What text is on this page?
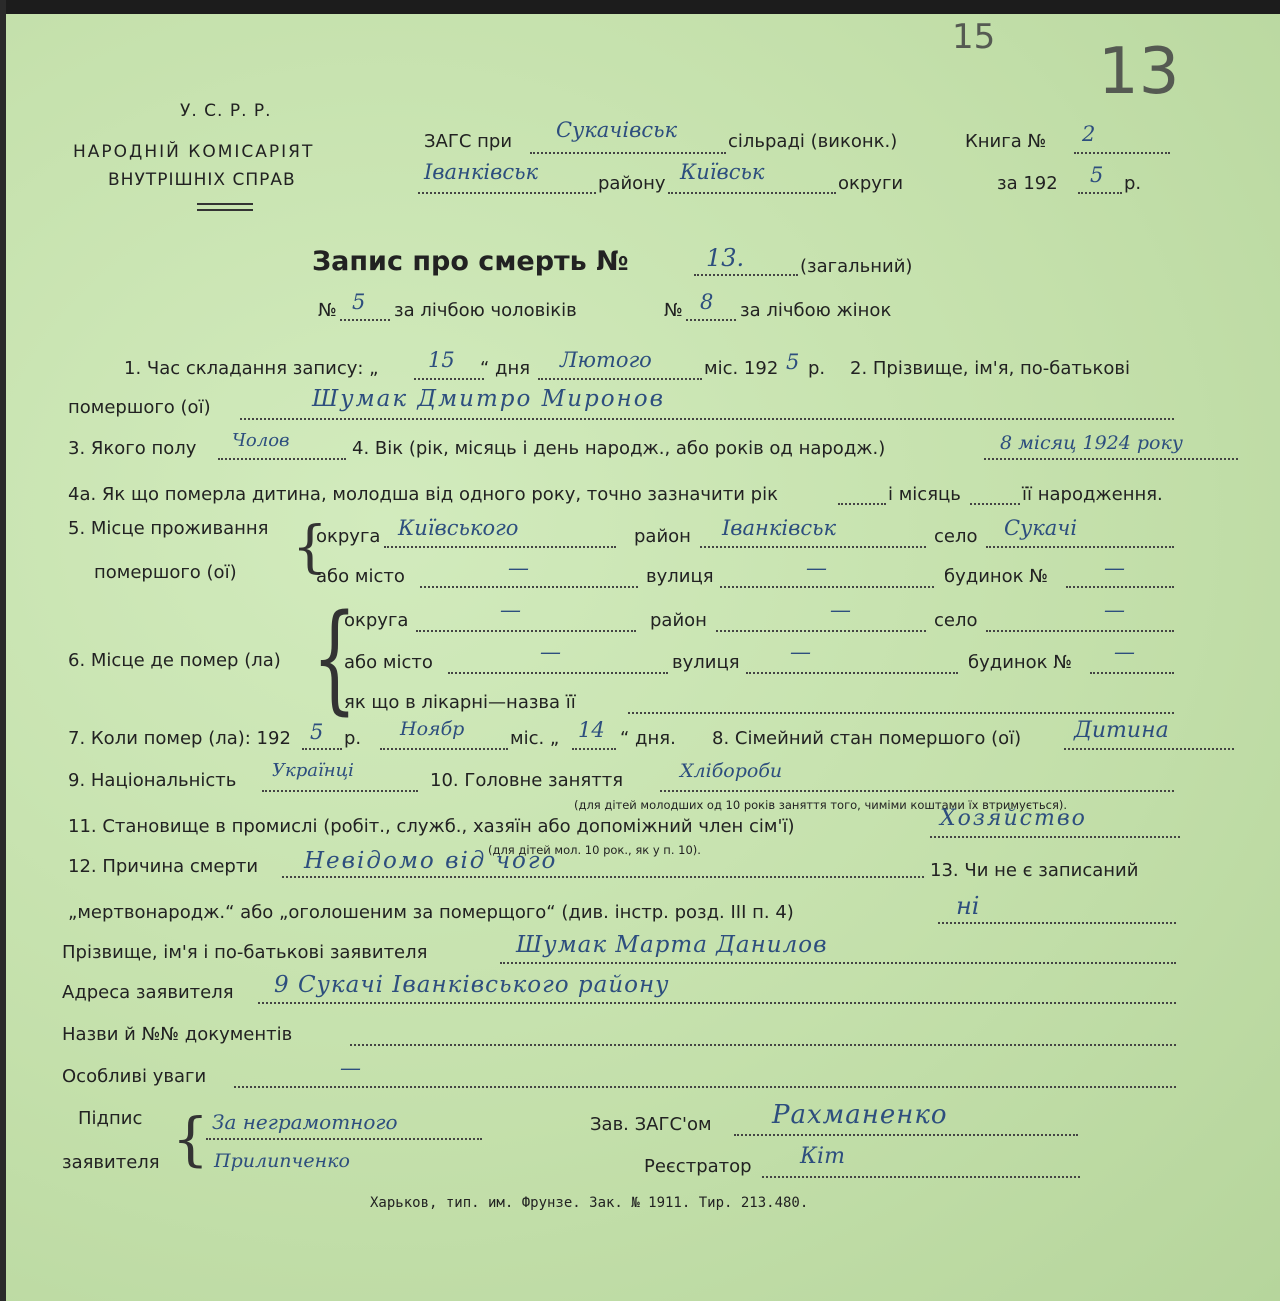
15 13
У. С. Р. Р.
НАРОДНІЙ КОМІСАРІЯТ
ВНУТРІШНІХ СПРАВ
ЗАГС при Сукачівськ	сільраді (виконк.)	Книга № 2
Іванківськ	району Київськ	округи	за 192 5 р.
Запис про смерть №	13.	(загальний)
№ 5 за лічбою чоловіків	№ 8 за лічбою жінок
1. Час складання запису: „ 15 “ дня Лютого	міс. 192 5 р. 2. Прізвище, ім'я, по-батькові
помершого (ої)	Шумак Дмитро Миронов
3. Якого полу Чолов	4. Вік (рік, місяць і день народж., або років од народж.)	8 місяц 1924 року
4а. Як що померла дитина, молодша від одного року, точно зазначити рік	і місяць	її народження.
5. Місце проживання
помершого (ої) {
округа Київського	район Іванківськ	село Сукачі
або місто	—	вулиця	—	будинок №	—
6. Місце де помер (ла) {
округа	—	район	—	село	—
або місто	—	вулиця —	будинок № —
як що в лікарні—назва її
7. Коли помер (ла): 192 5 р. Ноябр	міс. „ 14 “ дня. 8. Сімейний стан помершого (ої) Дитина
9. Національність Українці	10. Головне заняття	Хлібороби
(для дітей молодших од 10 років заняття того, чиміми коштами їх втримується).
11. Становище в промислі (робіт., служб., хазяїн або допоміжний член сім'ї)	Хозяйство
12. Причина смерти
(для дітей мол. 10 рок., як у п. 10).
Невідомо від чого	13. Чи не є записаний
„мертвонародж.“ або „оголошеним за померщого“ (див. інстр. розд. III п. 4)	ні
Прізвище, ім'я і по-батькові заявителя	Шумак Марта Данилов
Адреса заявителя 9 Сукачі Іванківського району
Назви й №№ документів
Особливі уваги	—
Підпис
заявителя { За неграмотного
Прилипченко
Зав. ЗАГС'ом Рахманенко
Реєстратор Кіт
Харьков, тип. им. Фрунзе. Зак. № 1911. Тир. 213.480.
